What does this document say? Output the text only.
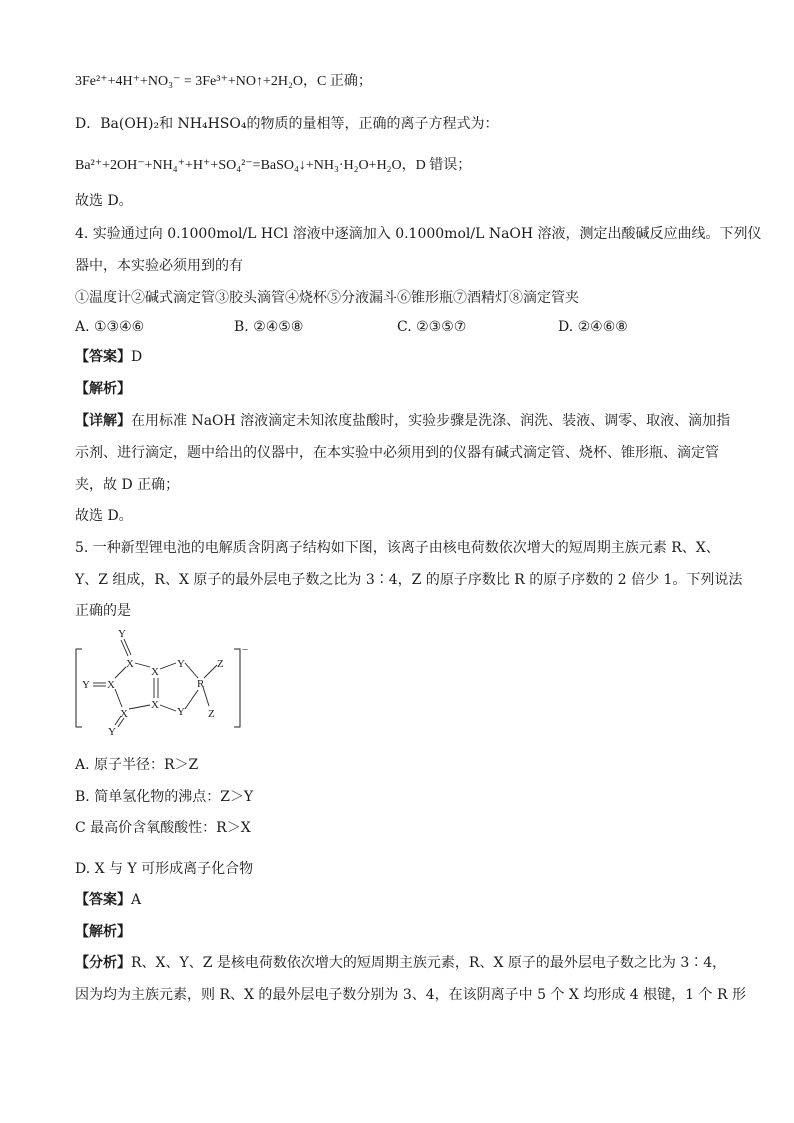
3Fe²⁺+4H⁺+NO₃⁻ = 3Fe³⁺+NO↑+2H₂O，C 正确；
D．Ba(OH)₂和 NH₄HSO₄的物质的量相等，正确的离子方程式为：
Ba²⁺+2OH⁻+NH₄⁺+H⁺+SO₄²⁻=BaSO₄↓+NH₃·H₂O+H₂O，D 错误；
故选 D。
4. 实验通过向 0.1000mol/L HCl 溶液中逐滴加入 0.1000mol/L NaOH 溶液，测定出酸碱反应曲线。下列仪
器中，本实验必须用到的有
①温度计②碱式滴定管③胶头滴管④烧杯⑤分液漏斗⑥锥形瓶⑦酒精灯⑧滴定管夹
A. ①③④⑥	B. ②④⑤⑧	C. ②③⑤⑦	D. ②④⑥⑧
【答案】D
【解析】
【详解】在用标准 NaOH 溶液滴定未知浓度盐酸时，实验步骤是洗涤、润洗、装液、调零、取液、滴加指
示剂、进行滴定，题中给出的仪器中，在本实验中必须用到的仪器有碱式滴定管、烧杯、锥形瓶、滴定管
夹，故 D 正确；
故选 D。
5. 一种新型锂电池的电解质含阴离子结构如下图，该离子由核电荷数依次增大的短周期主族元素 R、X、
Y、Z 组成，R、X 原子的最外层电子数之比为 3∶4，Z 的原子序数比 R 的原子序数的 2 倍少 1。下列说法
正确的是
−
Y
X
X
Y
R
Z
Z
Y X
X
Y
X
Y
A. 原子半径：R＞Z
B. 简单氢化物的沸点：Z＞Y
C 最高价含氧酸酸性：R＞X
D. X 与 Y 可形成离子化合物
【答案】A
【解析】
【分析】R、X、Y、Z 是核电荷数依次增大的短周期主族元素，R、X 原子的最外层电子数之比为 3∶4，
因为均为主族元素，则 R、X 的最外层电子数分别为 3、4，在该阴离子中 5 个 X 均形成 4 根键，1 个 R 形
